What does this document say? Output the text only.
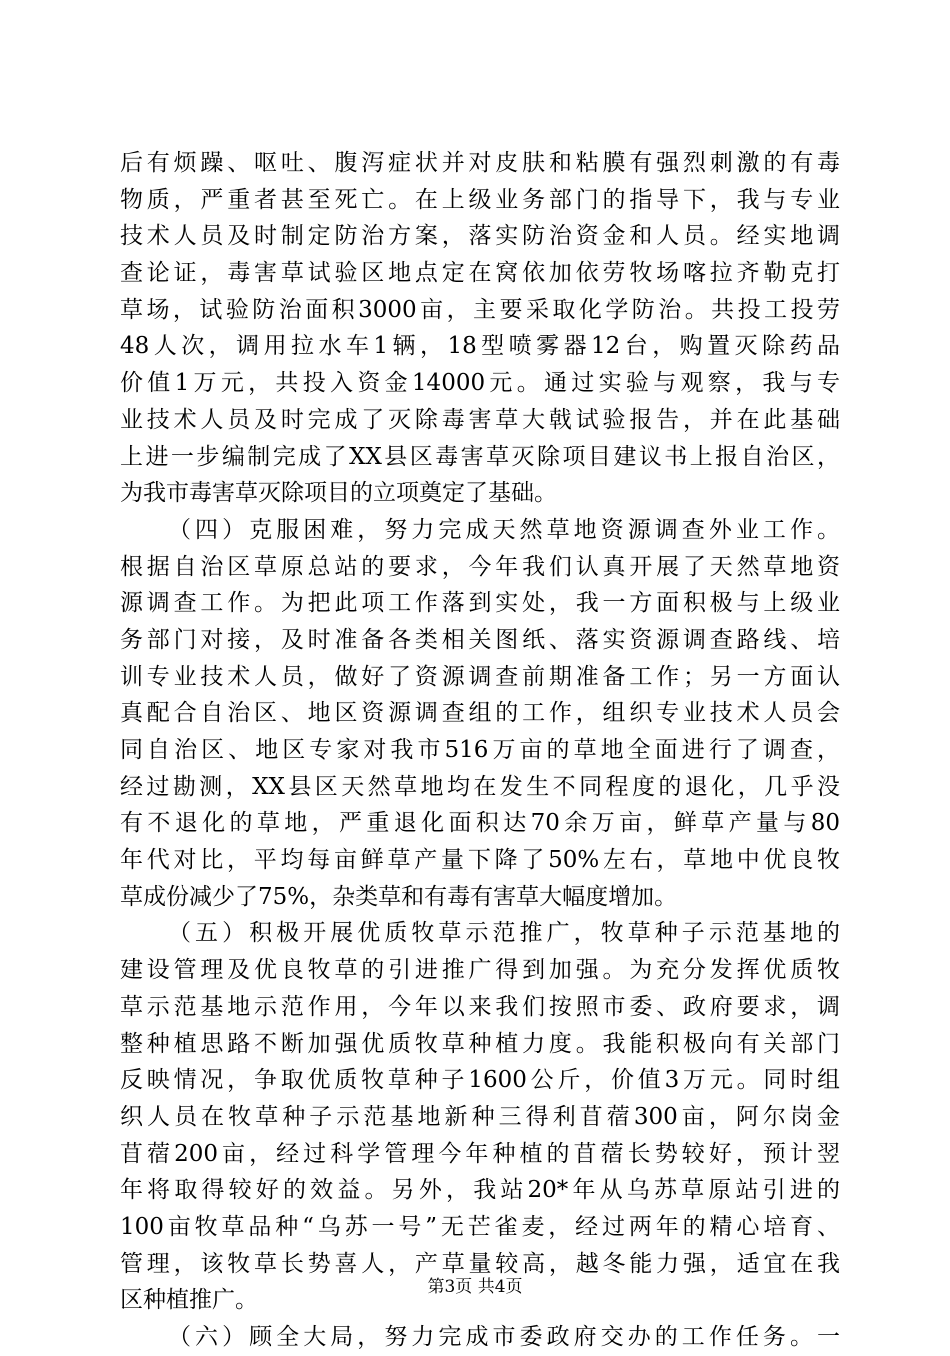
后有烦躁、呕吐、腹泻症状并对皮肤和粘膜有强烈刺激的有毒
物质，严重者甚至死亡。在上级业务部门的指导下，我与专业
技术人员及时制定防治方案，落实防治资金和人员。经实地调
查论证，毒害草试验区地点定在窝依加依劳牧场喀拉齐勒克打
草场，试验防治面积3000亩，主要采取化学防治。共投工投劳
48人次，调用拉水车1辆，18型喷雾器12台，购置灭除药品
价值1万元，共投入资金14000元。通过实验与观察，我与专
业技术人员及时完成了灭除毒害草大戟试验报告，并在此基础
上进一步编制完成了XX县区毒害草灭除项目建议书上报自治区，
为我市毒害草灭除项目的立项奠定了基础。
（四）克服困难，努力完成天然草地资源调查外业工作。
根据自治区草原总站的要求，今年我们认真开展了天然草地资
源调查工作。为把此项工作落到实处，我一方面积极与上级业
务部门对接，及时准备各类相关图纸、落实资源调查路线、培
训专业技术人员，做好了资源调查前期准备工作；另一方面认
真配合自治区、地区资源调查组的工作，组织专业技术人员会
同自治区、地区专家对我市516万亩的草地全面进行了调查，
经过勘测，XX县区天然草地均在发生不同程度的退化，几乎没
有不退化的草地，严重退化面积达70余万亩，鲜草产量与80
年代对比，平均每亩鲜草产量下降了50%左右，草地中优良牧
草成份减少了75%，杂类草和有毒有害草大幅度增加。
（五）积极开展优质牧草示范推广，牧草种子示范基地的
建设管理及优良牧草的引进推广得到加强。为充分发挥优质牧
草示范基地示范作用，今年以来我们按照市委、政府要求，调
整种植思路不断加强优质牧草种植力度。我能积极向有关部门
反映情况，争取优质牧草种子1600公斤，价值3万元。同时组
织人员在牧草种子示范基地新种三得利苜蓿300亩，阿尔岗金
苜蓿200亩，经过科学管理今年种植的苜蓿长势较好，预计翌
年将取得较好的效益。另外，我站20*年从乌苏草原站引进的
100亩牧草品种“乌苏一号”无芒雀麦，经过两年的精心培育、
管理，该牧草长势喜人，产草量较高，越冬能力强，适宜在我
区种植推广。
（六）顾全大局，努力完成市委政府交办的工作任务。一
第3页 共4页
